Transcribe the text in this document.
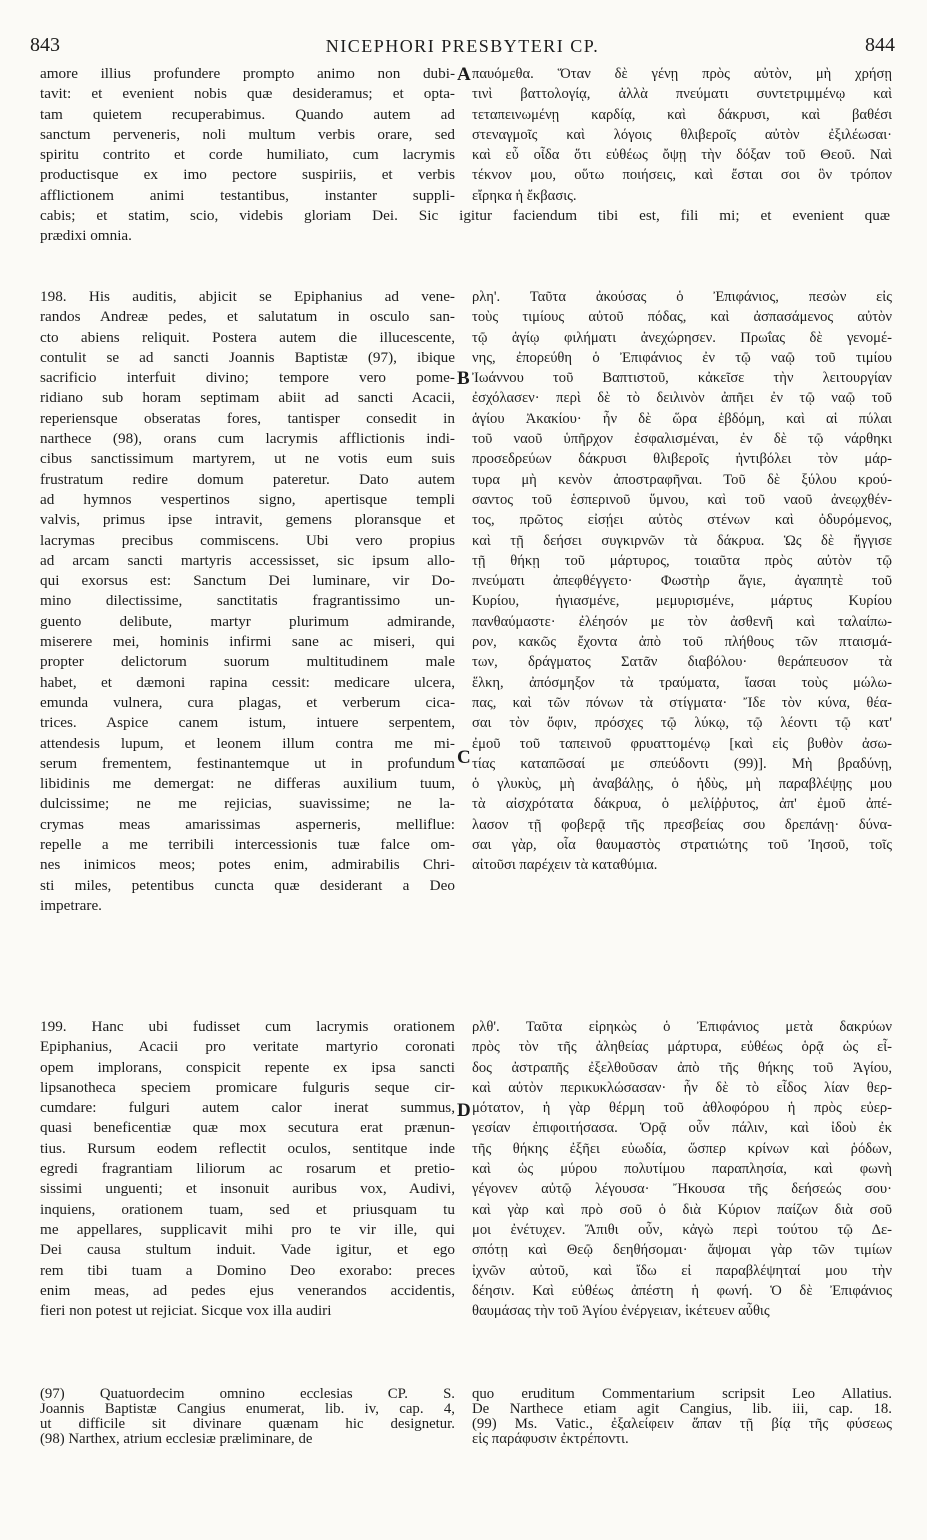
843	NICEPHORI PRESBYTERI CP.	844
amore illius profundere prompto animo non dubi-
tavit: et evenient nobis quæ desideramus; et opta-
tam quietem recuperabimus. Quando autem ad
sanctum perveneris, noli multum verbis orare, sed
spiritu contrito et corde humiliato, cum lacrymis
productisque ex imo pectore suspiriis, et verbis
afflictionem animi testantibus, instanter suppli-
cabis; et statim, scio, videbis gloriam Dei. Sic igitur faciendum tibi est, fili mi; et evenient quæ
prædixi omnia.
198. His auditis, abjicit se Epiphanius ad vene-
randos Andreæ pedes, et salutatum in osculo san-
cto abiens reliquit. Postera autem die illucescente,
contulit se ad sancti Joannis Baptistæ (97), ibique
sacrificio interfuit divino; tempore vero pome-
ridiano sub horam septimam abiit ad sancti Acacii,
reperiensque obseratas fores, tantisper consedit in
narthece (98), orans cum lacrymis afflictionis indi-
cibus sanctissimum martyrem, ut ne votis eum suis
frustratum redire domum pateretur. Dato autem
ad hymnos vespertinos signo, apertisque templi
valvis, primus ipse intravit, gemens ploransque et
lacrymas precibus commiscens. Ubi vero propius
ad arcam sancti martyris accessisset, sic ipsum allo-
qui exorsus est: Sanctum Dei luminare, vir Do-
mino dilectissime, sanctitatis fragrantissimo un-
guento delibute, martyr plurimum admirande,
miserere mei, hominis infirmi sane ac miseri, qui
propter delictorum suorum multitudinem male
habet, et dæmoni rapina cessit: medicare ulcera,
emunda vulnera, cura plagas, et verberum cica-
trices. Aspice canem istum, intuere serpentem,
attendesis lupum, et leonem illum contra me mi-
serum frementem, festinantemque ut in profundum
libidinis me demergat: ne differas auxilium tuum,
dulcissime; ne me rejicias, suavissime; ne la-
crymas meas amarissimas asperneris, melliflue:
repelle a me terribili intercessionis tuæ falce om-
nes inimicos meos; potes enim, admirabilis Chri-
sti miles, petentibus cuncta quæ desiderant a Deo
impetrare.
199. Hanc ubi fudisset cum lacrymis orationem
Epiphanius, Acacii pro veritate martyrio coronati
opem implorans, conspicit repente ex ipsa sancti
lipsanotheca speciem promicare fulguris seque cir-
cumdare: fulguri autem calor inerat summus,
quasi beneficentiæ quæ mox secutura erat prænun-
tius. Rursum eodem reflectit oculos, sentitque inde
egredi fragrantiam liliorum ac rosarum et pretio-
sissimi unguenti; et insonuit auribus vox, Audivi,
inquiens, orationem tuam, sed et priusquam tu
me appellares, supplicavit mihi pro te vir ille, qui
Dei causa stultum induit. Vade igitur, et ego
rem tibi tuam a Domino Deo exorabo: preces
enim meas, ad pedes ejus venerandos accidentis,
fieri non potest ut rejiciat. Sicque vox illa audiri
παυόμεθα. Ὅταν δὲ γένῃ πρὸς αὐτὸν, μὴ χρήσῃ
τινὶ βαττολογίᾳ, ἀλλὰ πνεύματι συντετριμμένῳ καὶ
τεταπεινωμένῃ καρδίᾳ, καὶ δάκρυσι, καὶ βαθέσι
στεναγμοῖς καὶ λόγοις θλιβεροῖς αὐτὸν ἐξιλέωσαι·
καὶ εὖ οἶδα ὅτι εὐθέως ὄψῃ τὴν δόξαν τοῦ Θεοῦ. Ναὶ
τέκνον μου, οὕτω ποιήσεις, καὶ ἔσται σοι ὃν τρόπον
εἴρηκα ἡ ἔκβασις.
ρλη'. Ταῦτα ἀκούσας ὁ Ἐπιφάνιος, πεσὼν εἰς
τοὺς τιμίους αὐτοῦ πόδας, καὶ ἀσπασάμενος αὐτὸν
τῷ ἁγίῳ φιλήματι ἀνεχώρησεν. Πρωΐας δὲ γενομέ-
νης, ἐπορεύθη ὁ Ἐπιφάνιος ἐν τῷ ναῷ τοῦ τιμίου
Ἰωάννου τοῦ Βαπτιστοῦ, κἀκεῖσε τὴν λειτουργίαν
ἐσχόλασεν· περὶ δὲ τὸ δειλινὸν ἀπῆει ἐν τῷ ναῷ τοῦ
ἁγίου Ἀκακίου· ἦν δὲ ὥρα ἑβδόμη, καὶ αἱ πύλαι
τοῦ ναοῦ ὑπῆρχον ἐσφαλισμέναι, ἐν δὲ τῷ νάρθηκι
προσεδρεύων δάκρυσι θλιβεροῖς ἠντιβόλει τὸν μάρ-
τυρα μὴ κενὸν ἀποστραφῆναι. Τοῦ δὲ ξύλου κρού-
σαντος τοῦ ἑσπερινοῦ ὕμνου, καὶ τοῦ ναοῦ ἀνεῳχθέν-
τος, πρῶτος εἰσῄει αὐτὸς στένων καὶ ὀδυρόμενος,
καὶ τῇ δεήσει συγκιρνῶν τὰ δάκρυα. Ὡς δὲ ἤγγισε
τῇ θήκῃ τοῦ μάρτυρος, τοιαῦτα πρὸς αὐτὸν τῷ
πνεύματι ἀπεφθέγγετο· Φωστὴρ ἅγιε, ἀγαπητὲ τοῦ
Κυρίου, ἡγιασμένε, μεμυρισμένε, μάρτυς Κυρίου
πανθαύμαστε· ἐλέησόν με τὸν ἀσθενῆ καὶ ταλαίπω-
ρον, κακῶς ἔχοντα ἀπὸ τοῦ πλήθους τῶν πταισμά-
των, δράγματος Σατᾶν διαβόλου· θεράπευσον τὰ
ἕλκη, ἀπόσμηξον τὰ τραύματα, ἴασαι τοὺς μώλω-
πας, καὶ τῶν πόνων τὰ στίγματα· Ἴδε τὸν κύνα, θέα-
σαι τὸν ὄφιν, πρόσχες τῷ λύκῳ, τῷ λέοντι τῷ κατ'
ἐμοῦ τοῦ ταπεινοῦ φρυαττομένῳ [καὶ εἰς βυθὸν ἀσω-
τίας καταπῶσαί με σπεύδοντι (99)]. Μὴ βραδύνῃ,
ὁ γλυκὺς, μὴ ἀναβάλῃς, ὁ ἡδὺς, μὴ παραβλέψῃς μου
τὰ αἰσχρότατα δάκρυα, ὁ μελίῤῥυτος, ἀπ' ἐμοῦ ἀπέ-
λασον τῇ φοβερᾷ τῆς πρεσβείας σου δρεπάνῃ· δύνα-
σαι γὰρ, οἷα θαυμαστὸς στρατιώτης τοῦ Ἰησοῦ, τοῖς
αἰτοῦσι παρέχειν τὰ καταθύμια.
ρλθ'. Ταῦτα εἰρηκὼς ὁ Ἐπιφάνιος μετὰ δακρύων
πρὸς τὸν τῆς ἀληθείας μάρτυρα, εὐθέως ὁρᾷ ὡς εἶ-
δος ἀστραπῆς ἐξελθοῦσαν ἀπὸ τῆς θήκης τοῦ Ἁγίου,
καὶ αὐτὸν περικυκλώσασαν· ἦν δὲ τὸ εἶδος λίαν θερ-
μότατον, ἡ γὰρ θέρμη τοῦ ἀθλοφόρου ἡ πρὸς εὐερ-
γεσίαν ἐπιφοιτήσασα. Ὁρᾷ οὖν πάλιν, καὶ ἰδοὺ ἐκ
τῆς θήκης ἐξῆει εὐωδία, ὥσπερ κρίνων καὶ ῥόδων,
καὶ ὡς μύρου πολυτίμου παραπλησία, καὶ φωνὴ
γέγονεν αὐτῷ λέγουσα· Ἤκουσα τῆς δεήσεώς σου·
καὶ γὰρ καὶ πρὸ σοῦ ὁ διὰ Κύριον παίζων διὰ σοῦ
μοι ἐνέτυχεν. Ἄπιθι οὖν, κἀγὼ περὶ τούτου τῷ Δε-
σπότῃ καὶ Θεῷ δεηθήσομαι· ἅψομαι γὰρ τῶν τιμίων
ἰχνῶν αὐτοῦ, καὶ ἴδω εἰ παραβλέψηταί μου τὴν
δέησιν. Καὶ εὐθέως ἀπέστη ἡ φωνή. Ὁ δὲ Ἐπιφάνιος
θαυμάσας τὴν τοῦ Ἁγίου ἐνέργειαν, ἱκέτευεν αὖθις
A
B
C
D
(97) Quatuordecim omnino ecclesias CP. S.
Joannis Baptistæ Cangius enumerat, lib. iv, cap. 4,
ut difficile sit divinare quænam hic designetur.
(98) Narthex, atrium ecclesiæ præliminare, de
quo eruditum Commentarium scripsit Leo Allatius.
De Narthece etiam agit Cangius, lib. iii, cap. 18.
(99) Ms. Vatic., ἐξαλείφειν ἅπαν τῇ βίᾳ τῆς φύσεως
εἰς παράφυσιν ἐκτρέποντι.
